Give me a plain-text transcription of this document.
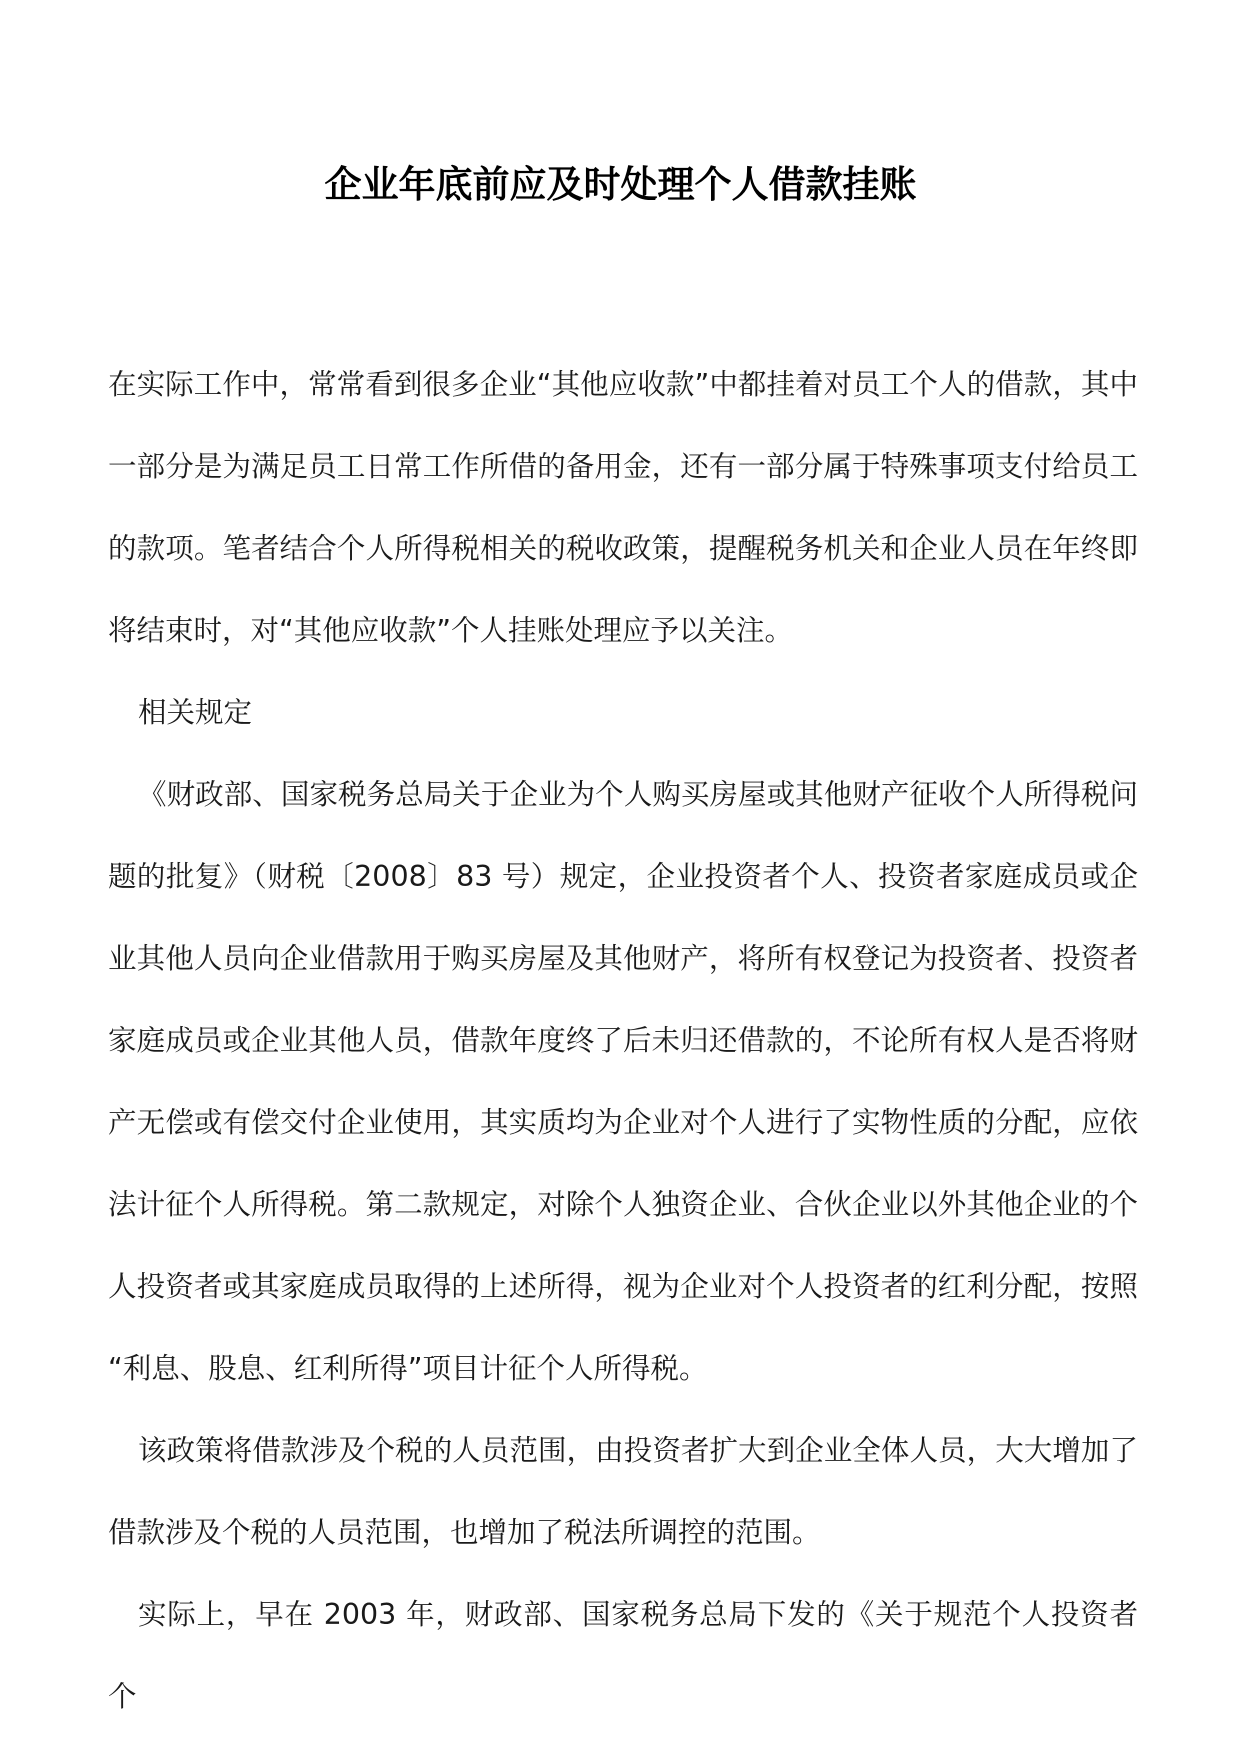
企业年底前应及时处理个人借款挂账

在实际工作中，常常看到很多企业“其他应收款”中都挂着对员工个人的借款，其中一部分是为满足员工日常工作所借的备用金，还有一部分属于特殊事项支付给员工的款项。笔者结合个人所得税相关的税收政策，提醒税务机关和企业人员在年终即将结束时，对“其他应收款”个人挂账处理应予以关注。

相关规定

《财政部、国家税务总局关于企业为个人购买房屋或其他财产征收个人所得税问题的批复》（财税〔2008〕83 号）规定，企业投资者个人、投资者家庭成员或企业其他人员向企业借款用于购买房屋及其他财产，将所有权登记为投资者、投资者家庭成员或企业其他人员，借款年度终了后未归还借款的，不论所有权人是否将财产无偿或有偿交付企业使用，其实质均为企业对个人进行了实物性质的分配，应依法计征个人所得税。第二款规定，对除个人独资企业、合伙企业以外其他企业的个人投资者或其家庭成员取得的上述所得，视为企业对个人投资者的红利分配，按照“利息、股息、红利所得”项目计征个人所得税。

该政策将借款涉及个税的人员范围，由投资者扩大到企业全体人员，大大增加了借款涉及个税的人员范围，也增加了税法所调控的范围。

实际上，早在 2003 年，财政部、国家税务总局下发的《关于规范个人投资者个
